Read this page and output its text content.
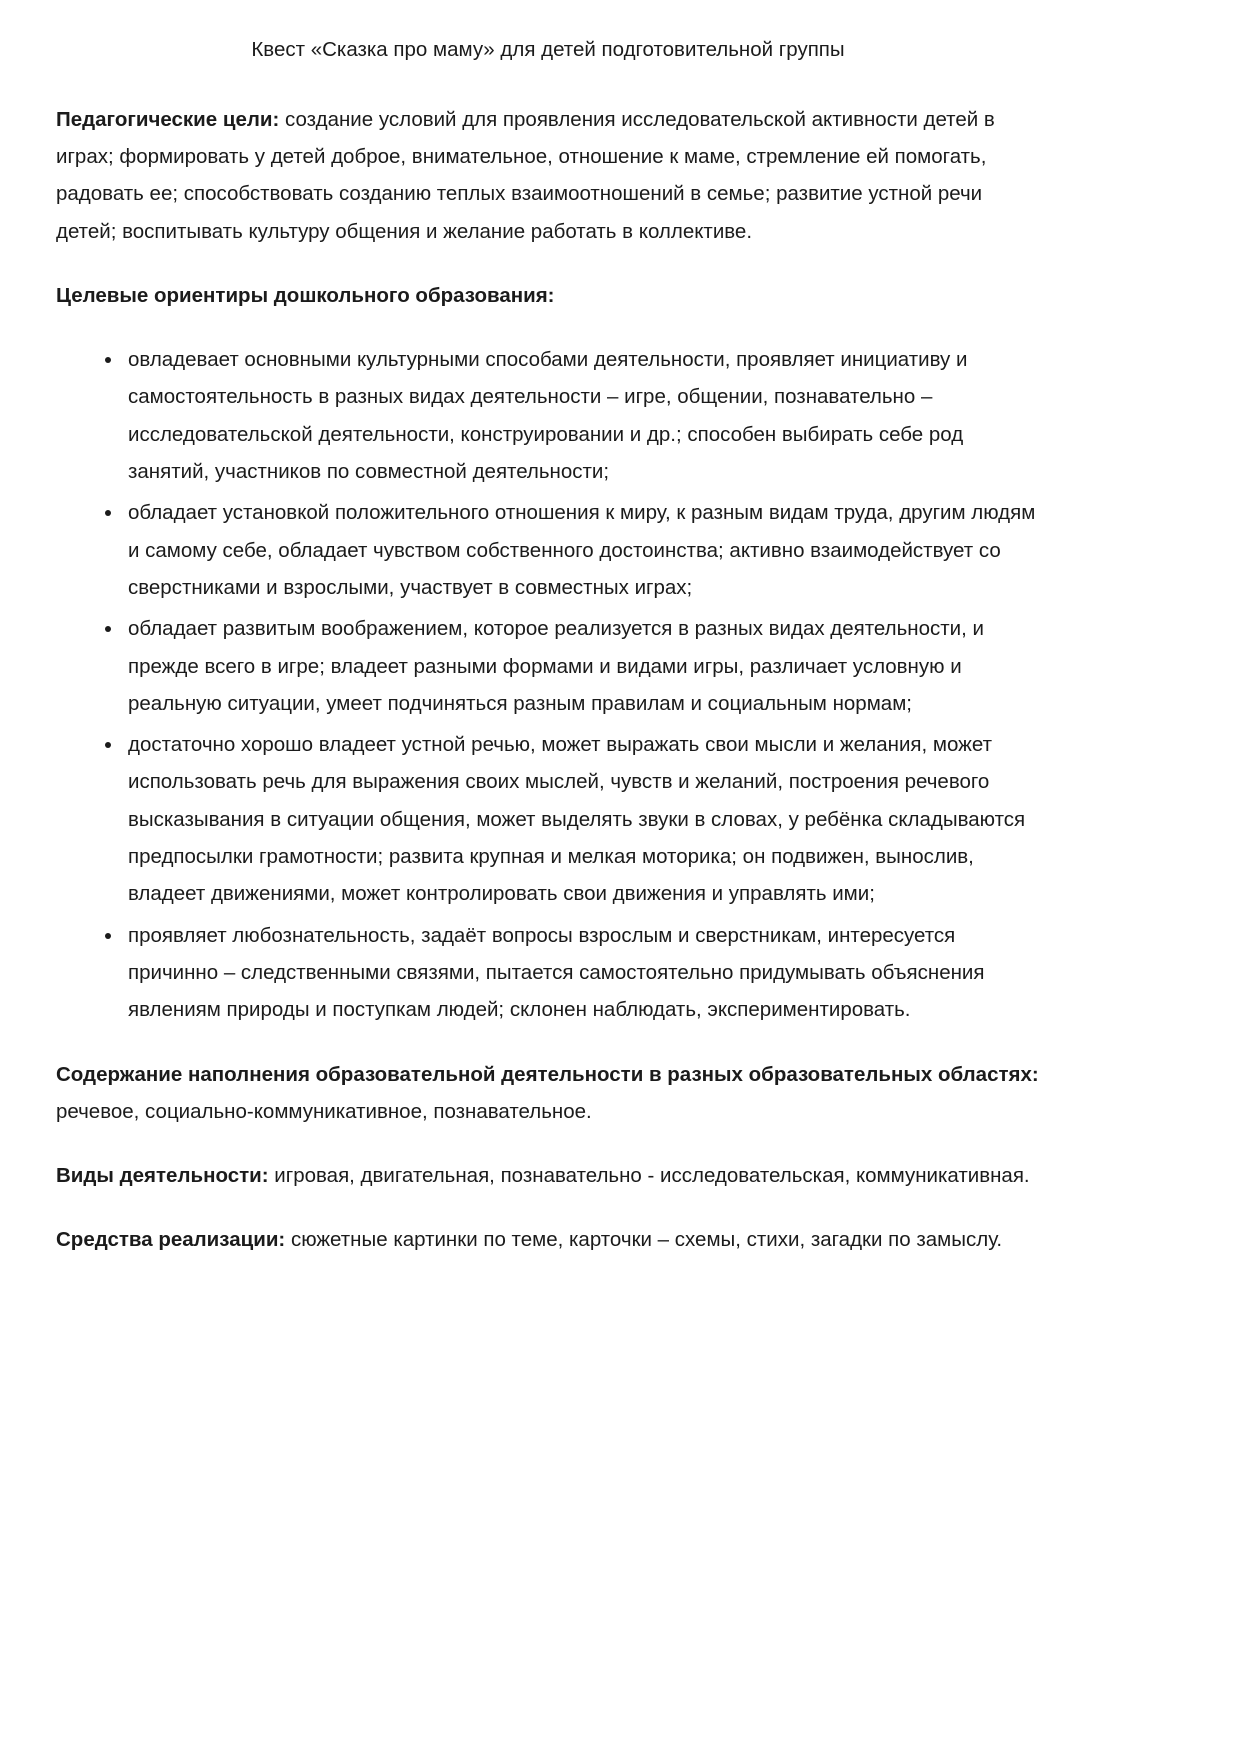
Квест «Сказка про маму» для детей подготовительной группы

Педагогические цели: создание условий для проявления исследовательской активности детей в играх; формировать у детей доброе, внимательное, отношение к маме, стремление ей помогать, радовать ее; способствовать созданию теплых взаимоотношений в семье; развитие устной речи детей; воспитывать культуру общения и желание работать в коллективе.

Целевые ориентиры дошкольного образования:

• овладевает основными культурными способами деятельности, проявляет инициативу и самостоятельность в разных видах деятельности – игре, общении, познавательно – исследовательской деятельности, конструировании и др.; способен выбирать себе род занятий, участников по совместной деятельности;
• обладает установкой положительного отношения к миру, к разным видам труда, другим людям и самому себе, обладает чувством собственного достоинства; активно взаимодействует со сверстниками и взрослыми, участвует в совместных играх;
• обладает развитым воображением, которое реализуется в разных видах деятельности, и прежде всего в игре; владеет разными формами и видами игры, различает условную и реальную ситуации, умеет подчиняться разным правилам и социальным нормам;
• достаточно хорошо владеет устной речью, может выражать свои мысли и желания, может использовать речь для выражения своих мыслей, чувств и желаний, построения речевого высказывания в ситуации общения, может выделять звуки в словах, у ребёнка складываются предпосылки грамотности; развита крупная и мелкая моторика; он подвижен, вынослив, владеет движениями, может контролировать свои движения и управлять ими;
• проявляет любознательность, задаёт вопросы взрослым и сверстникам, интересуется причинно – следственными связями, пытается самостоятельно придумывать объяснения явлениям природы и поступкам людей; склонен наблюдать, экспериментировать.

Содержание наполнения образовательной деятельности в разных образовательных областях: речевое, социально-коммуникативное, познавательное.

Виды деятельности: игровая, двигательная, познавательно - исследовательская, коммуникативная.

Средства реализации: сюжетные картинки по теме, карточки – схемы, стихи, загадки по замыслу.
